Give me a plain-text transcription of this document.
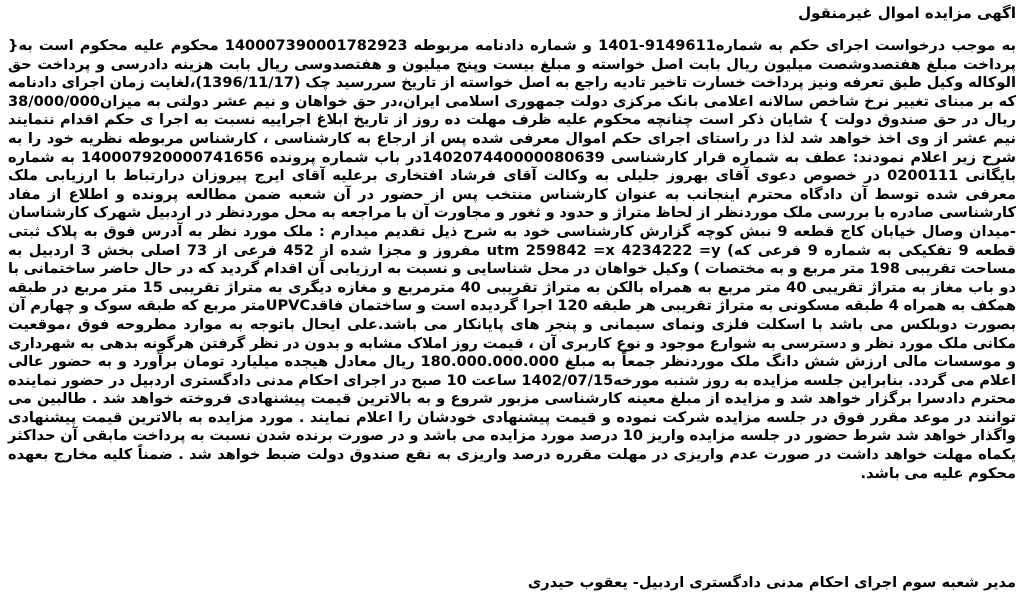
اگهی مزایده اموال غیرمنقول
به موجب درخواست اجرای حکم به شماره9149611-1401 و شماره دادنامه مربوطه 140007390001782923 محکوم علیه محکوم است به{ پرداخت مبلغ هفتصدوشصت میلیون ریال بابت اصل خواسته و مبلغ بیست وپنج میلیون و هفتصدوسی ریال بابت هزینه دادرسی و پرداخت حق الوکاله وکیل طبق تعرفه ونیز پرداخت خسارت تاخیر تادیه راجع به اصل خواسته از تاریخ سررسید چک (1396/11/17)،لغایت زمان اجرای دادنامه که بر مبنای تغییر نرخ شاخص سالانه اعلامی بانک مرکزی دولت جمهوری اسلامی ایران،در حق خواهان و نیم عشر دولتی به میزان38/000/000 ریال در حق صندوق دولت } شایان ذکر است چنانچه محکوم علیه ظرف مهلت ده روز از تاریخ ابلاغ اجراییه نسبت به اجرا ی حکم اقدام ننمایند نیم عشر از وی اخذ خواهد شد لذا در راستای اجرای حکم اموال معرفی شده پس از ارجاع به کارشناسی ، کارشناس مربوطه نظریه خود را به شرح زیر اعلام نمودند: عطف به شماره قرار کارشناسی 140207440000080639در باب شماره پرونده 140007920000741656 به شماره بایگانی 0200111 در خصوص دعوی آقای بهروز جلیلی به وکالت آقای فرشاد افتخاری برعلیه آقای ایرج پیروزان درارتباط با ارزیابی ملک معرفی شده توسط آن دادگاه محترم اینجانب به عنوان کارشناس منتخب پس از حضور در آن شعبه ضمن مطالعه پرونده و اطلاع از مفاد کارشناسی صادره با بررسی ملک موردنظر از لحاظ متراژ و حدود و ثغور و مجاورت آن با مراجعه به محل موردنظر در اردبیل شهرک کارشناسان -میدان وصال خیابان کاج قطعه 9 نبش کوچه گزارش کارشناسی خود به شرح ذیل تقدیم میدارم : ملک مورد نظر به آدرس فوق به پلاک ثبتی قطعه 9 تفکیکی به شماره 9 فرعی که) utm 259842 =x 4234222 =y مفروز و مجزا شده از 452 فرعی از 73 اصلی بخش 3 اردبیل به مساحت تقریبی 198 متر مربع و به مختصات ) وکیل خواهان در محل شناسایی و نسبت به ارزیابی آن اقدام گردید که در حال حاضر ساختمانی با دو باب مغاز به متراژ تقریبی 40 متر مربع به همراه بالکن به متراژ تقریبی 40 مترمربع و مغازه دیگری به متراژ تقریبی 15 متر مربع در طبقه همکف به همراه 4 طبقه مسکونی به متراژ تقریبی هر طبقه 120 اجرا گردیده است و ساختمان فاقدUPVCمتر مربع که طبقه سوک و چهارم آن بصورت دوبلکس می باشد با اسکلت فلزی ونمای سیمانی و پنجر های پایانکار می باشد.علی ایحال باتوجه به موارد مطروحه فوق ،موقعیت مکانی ملک مورد نظر و دسترسی به شوارع موجود و نوع کاربری آن ، قیمت روز املاک مشابه و بدون در نظر گرفتن هرگونه بدهی به شهرداری و موسسات مالی ارزش شش دانگ ملک موردنظر جمعاً به مبلغ 180.000.000.000 ریال معادل هیجده میلیارد تومان برآورد و به حضور عالی اعلام می گردد. بنابراین جلسه مزایده به روز شنبه مورخه1402/07/15 ساعت 10 صبح در اجرای احکام مدنی دادگستری اردبیل در حضور نماینده محترم دادسرا برگزار خواهد شد و مزایده از مبلغ معینه کارشناسی مزبور شروع و به بالاترین قیمت پیشنهادی فروخته خواهد شد . طالبین می توانند در موعد مقرر فوق در جلسه مزایده شرکت نموده و قیمت پیشنهادی خودشان را اعلام نمایند . مورد مزایده به بالاترین قیمت پیشنهادی واگذار خواهد شد شرط حضور در جلسه مزایده واریز 10 درصد مورد مزایده می باشد و در صورت برنده شدن نسبت به پرداخت مابقی آن حداکثر یکماه مهلت خواهد داشت در صورت عدم واریزی در مهلت مقرره درصد واریزی به نفع صندوق دولت ضبط خواهد شد . ضمناً کلیه مخارج بعهده محکوم علیه می باشد.
مدیر شعبه سوم اجرای احکام مدنی دادگستری اردبیل- یعقوب حیدری
